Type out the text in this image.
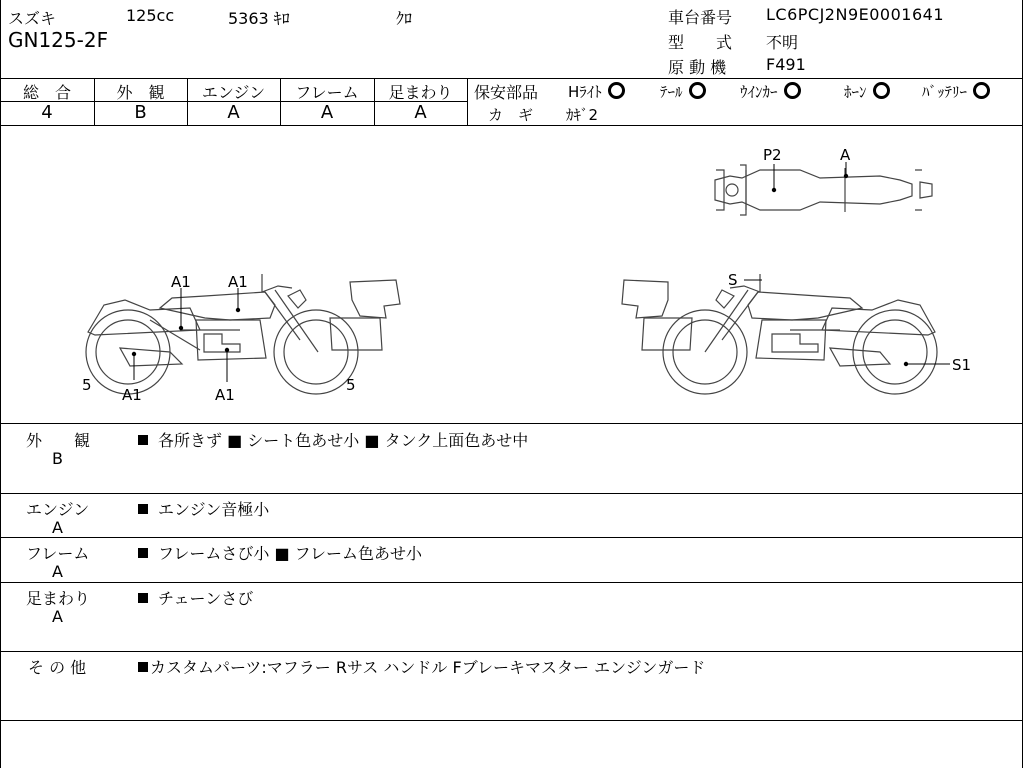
スズキ	125cc	5363 ｷﾛ	ｸﾛ
GN125-2F
車台番号 LC6PCJ2N9E0001641
型　　式 不明
原 動 機 F491
総　合	外　観	エンジン	フレーム	足まわり
4	B	A	A	A
保安部品 Hﾗｲﾄ	ﾃｰﾙ	ｳｲﾝｶｰ	ﾎｰﾝ	ﾊﾞｯﾃﾘｰ
カ　ギ ｶｷﾞ2
A1 A1
A1	A1
5	5
S
S1
P2	A
外　　観
B
各所きず ■ シート色あせ小 ■ タンク上面色あせ中
エンジン
A
エンジン音極小
フレーム
A
フレームさび小 ■ フレーム色あせ小
足まわり
A
チェーンさび
そ の 他	カスタムパーツ:マフラー Rサス ハンドル Fブレーキマスター エンジンガード
